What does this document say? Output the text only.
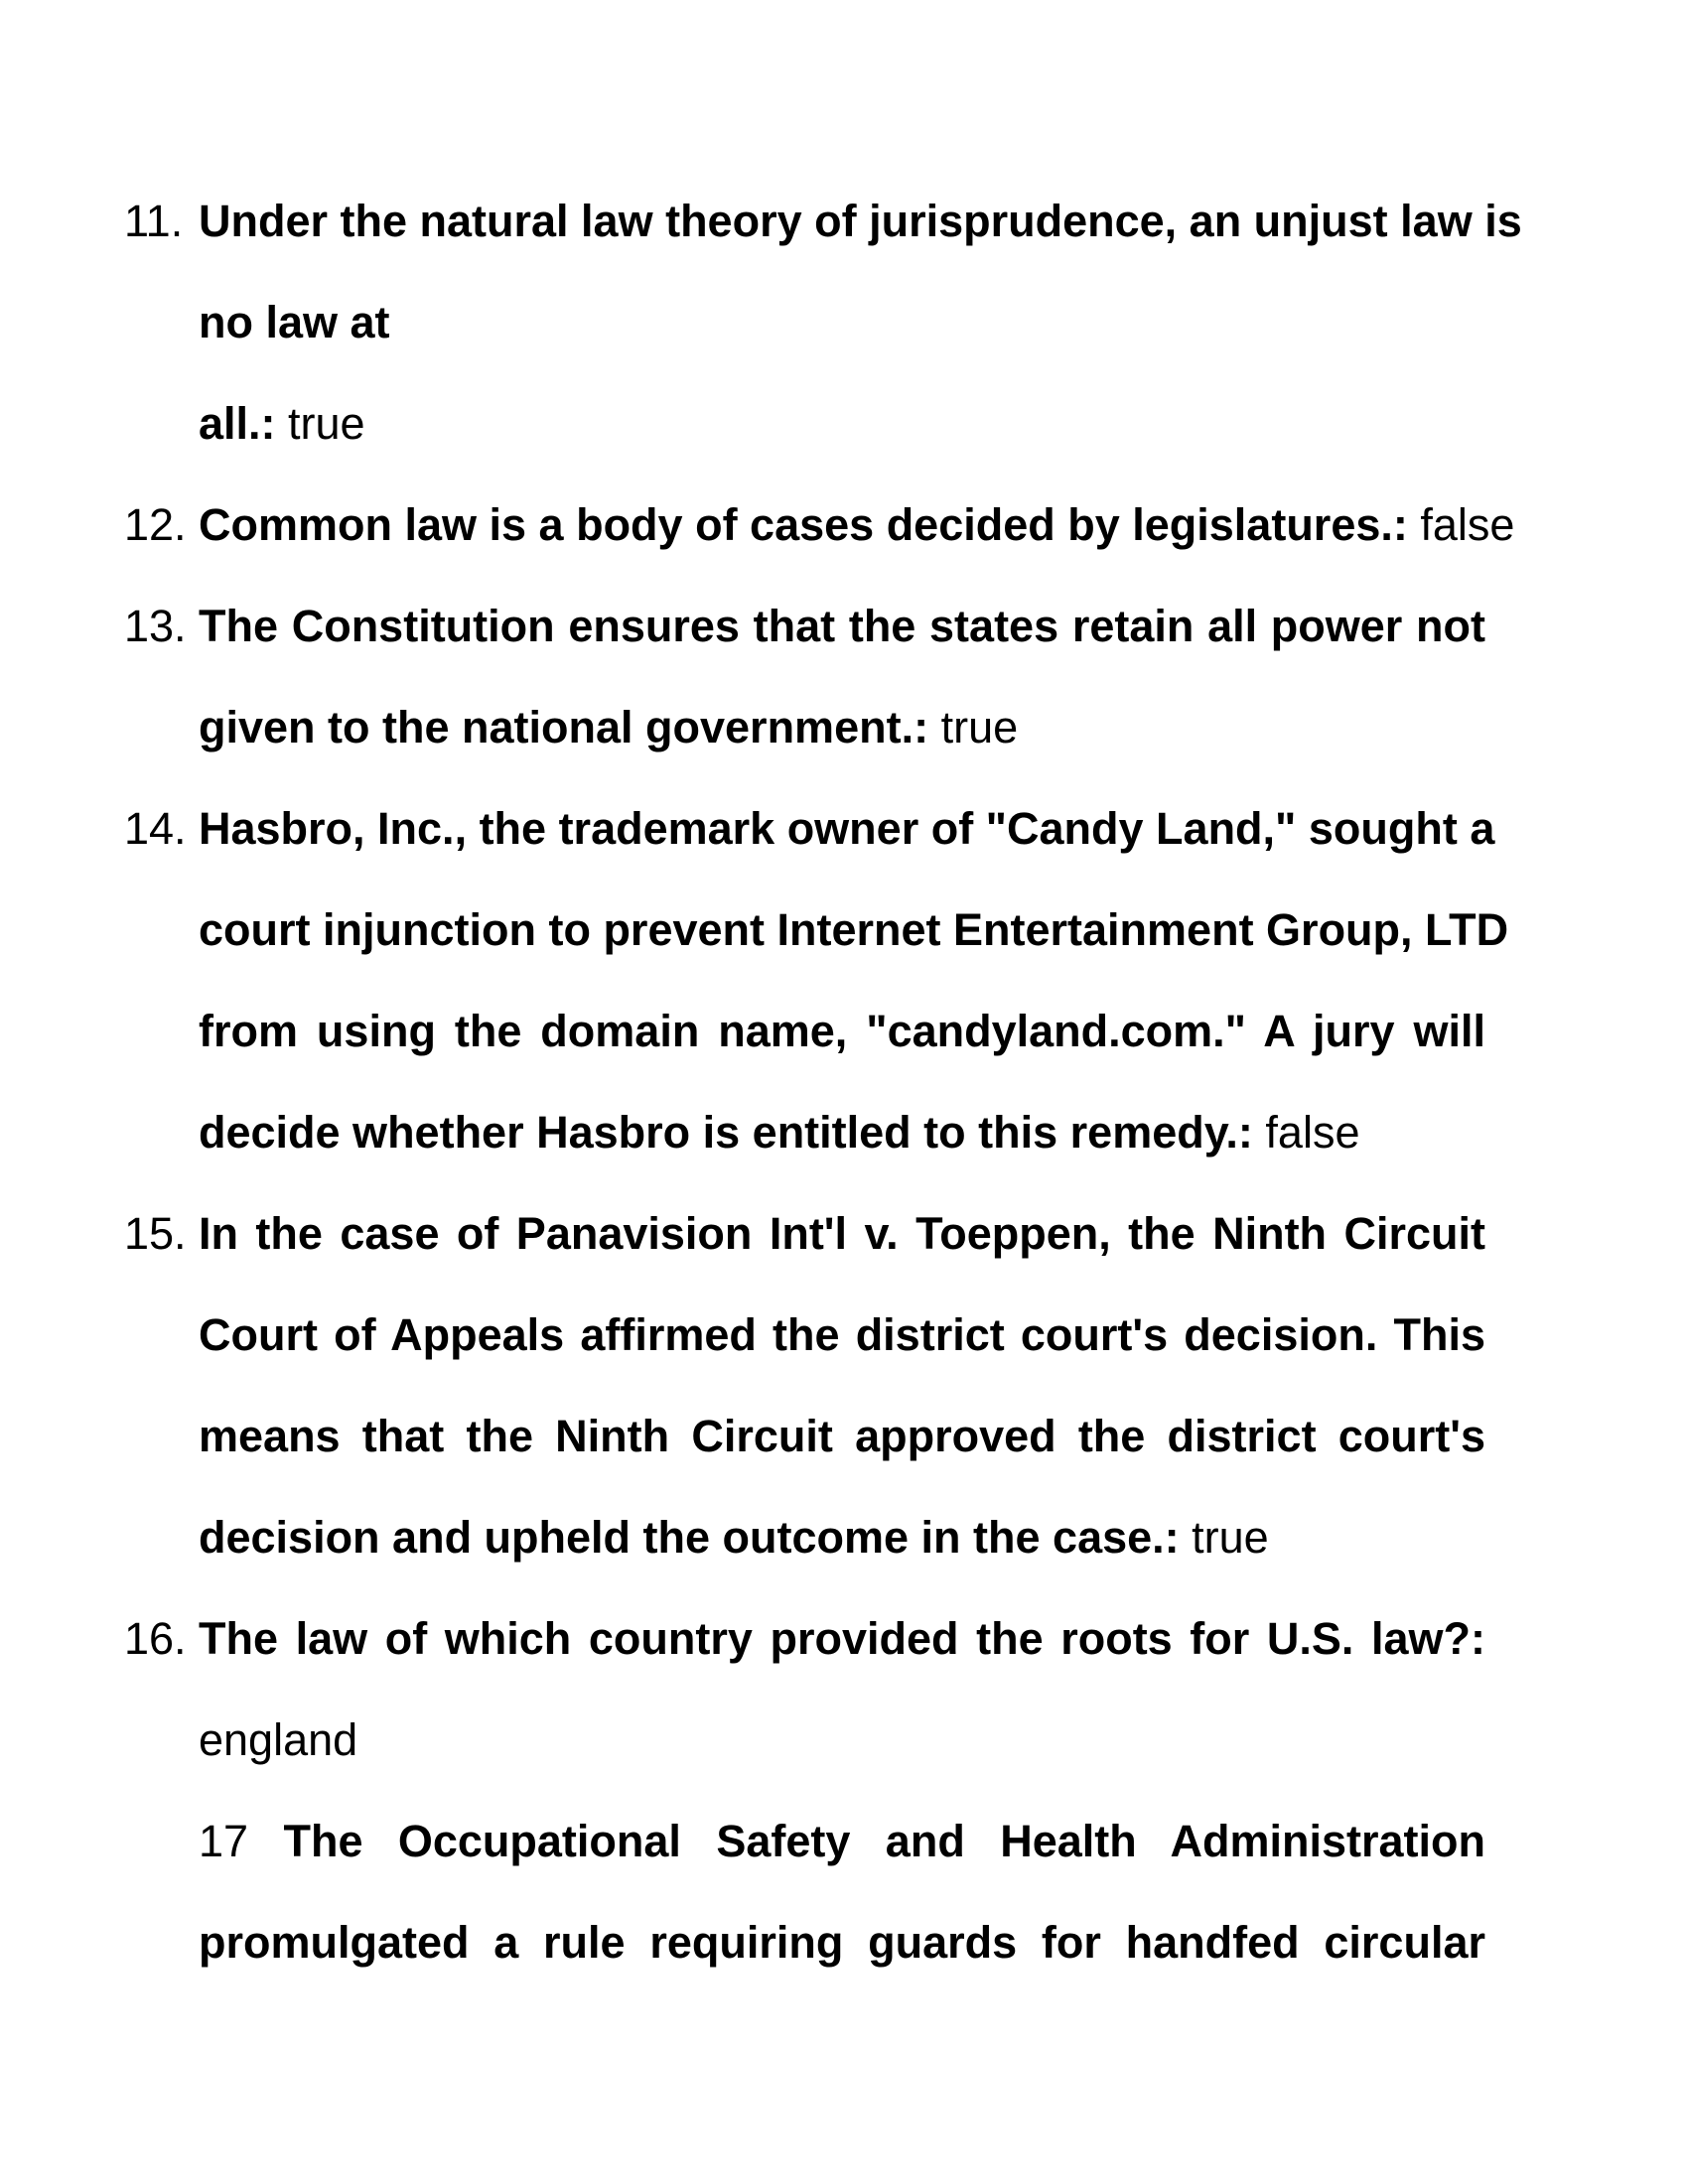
11. Under the natural law theory of jurisprudence, an unjust law is
no law at
all.: true
12. Common law is a body of cases decided by legislatures.: false
13. The Constitution ensures that the states retain all power not
given to the national government.: true
14. Hasbro, Inc., the trademark owner of "Candy Land," sought a
court injunction to prevent Internet Entertainment Group, LTD
from using the domain name, "candyland.com." A jury will
decide whether Hasbro is entitled to this remedy.: false
15. In the case of Panavision Int'l v. Toeppen, the Ninth Circuit
Court of Appeals affirmed the district court's decision. This
means that the Ninth Circuit approved the district court's
decision and upheld the outcome in the case.: true
16. The law of which country provided the roots for U.S. law?:
england
17 The Occupational Safety and Health Administration
promulgated a rule requiring guards for handfed circular
